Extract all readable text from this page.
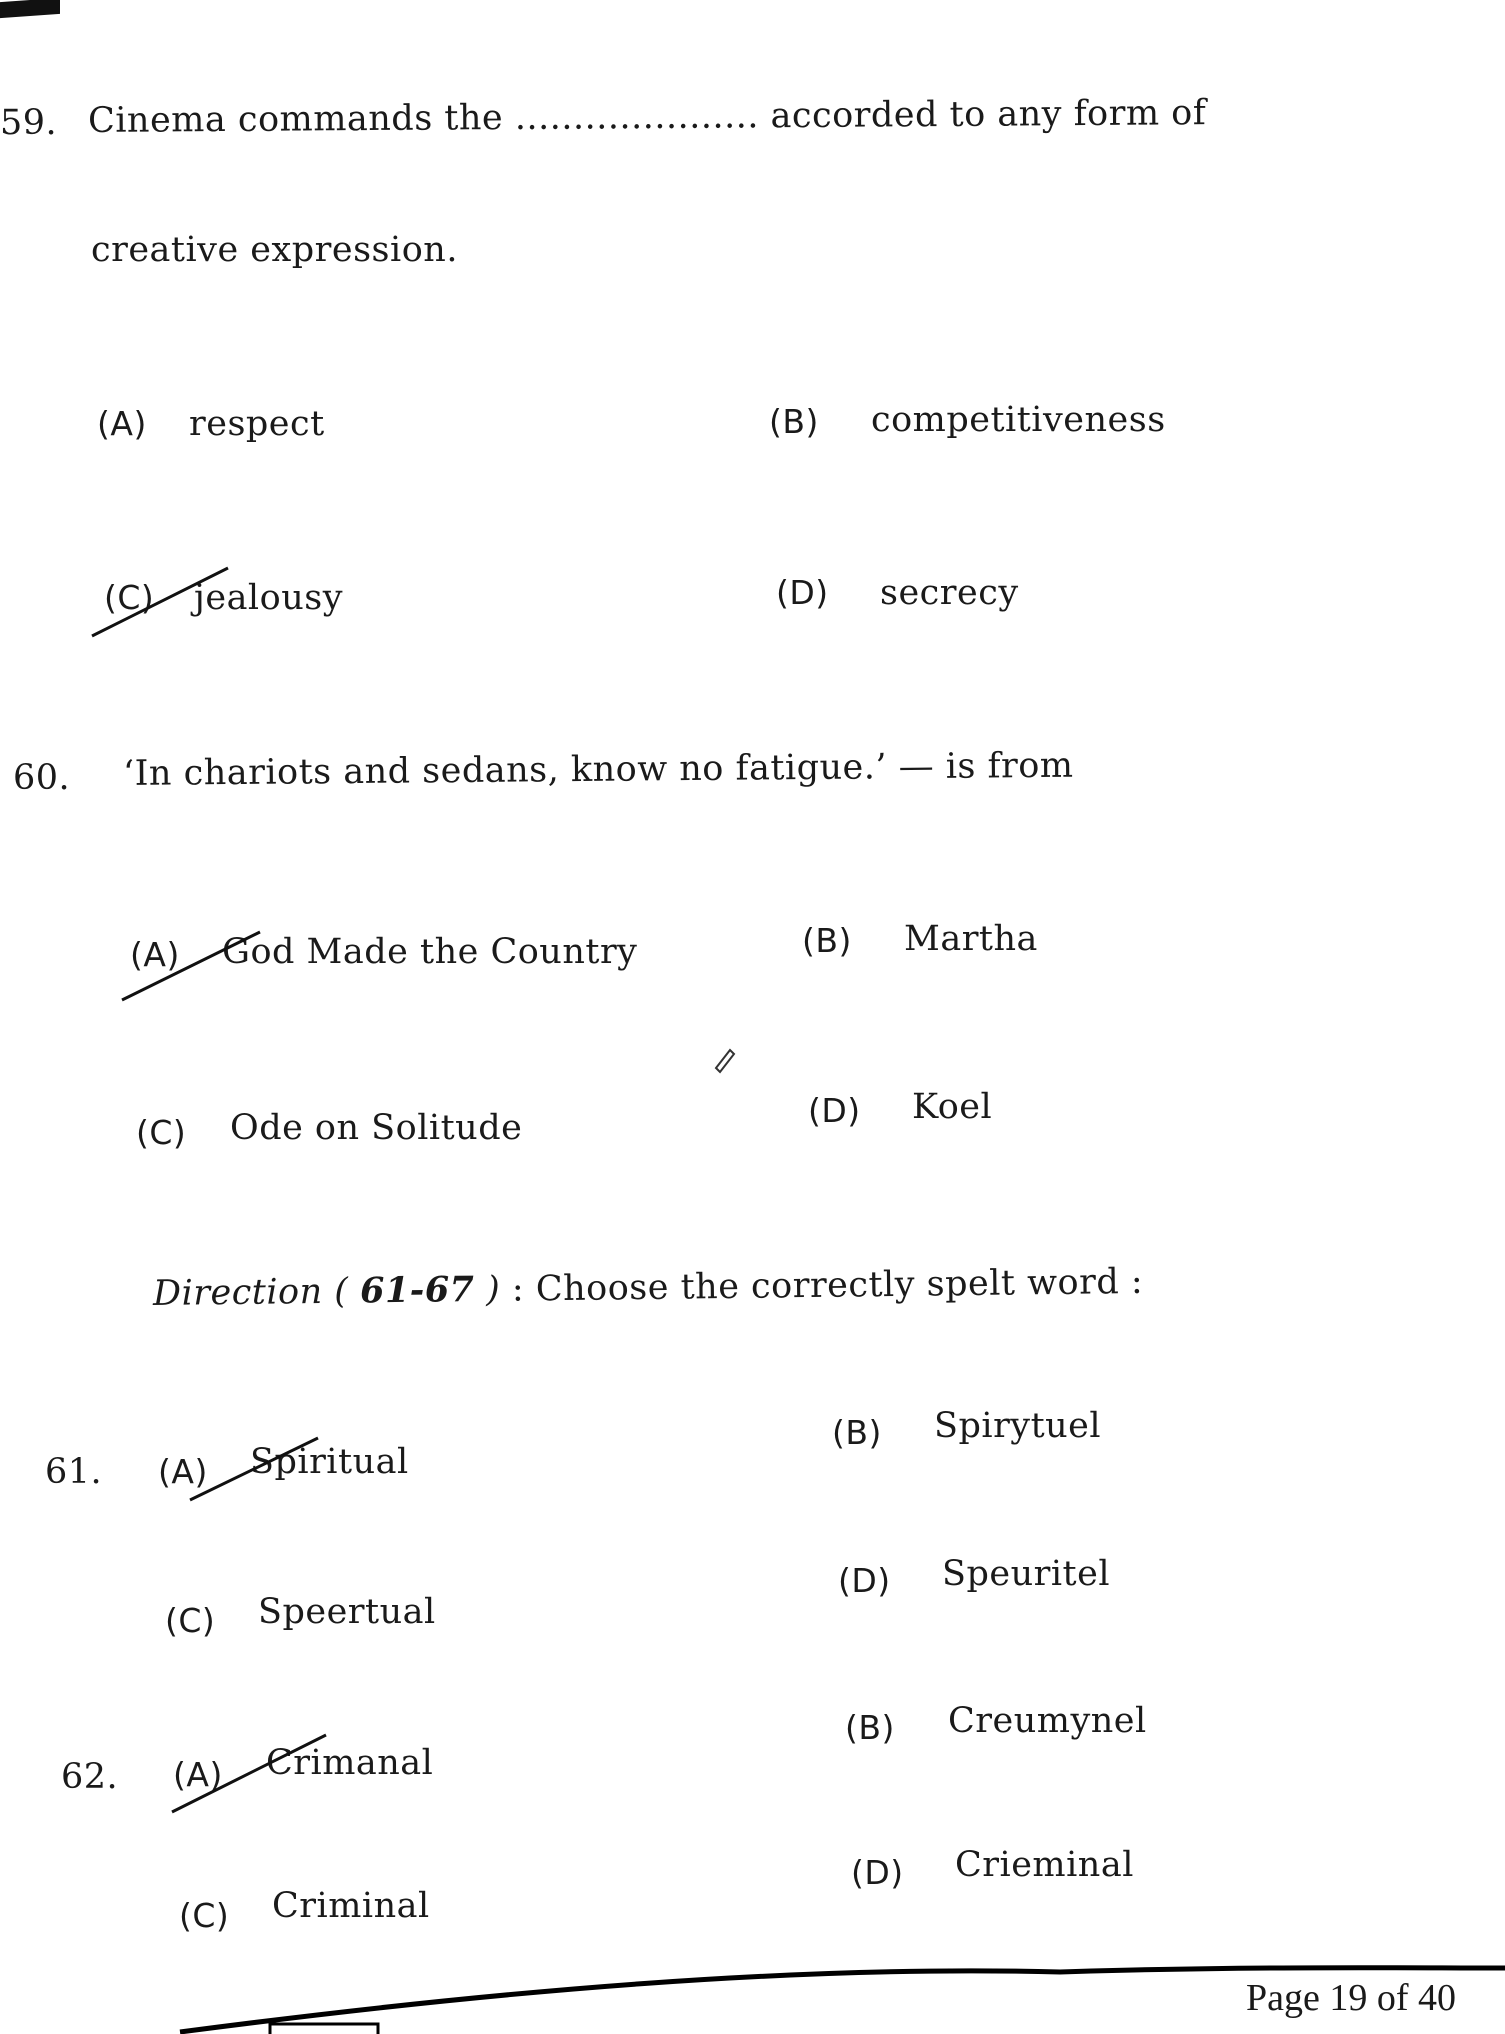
59. Cinema commands the ..................... accorded to any form of
creative expression.
(A) respect	(B) competitiveness
(C) jealousy	(D) secrecy
60. ‘In chariots and sedans, know no fatigue.’ — is from
(A) God Made the Country	(B) Martha
(C) Ode on Solitude	(D) Koel
Direction ( 61-67 ) : Choose the correctly spelt word :
61. (A) Spiritual
(B) Spirytuel
(C) Speertual
(D) Speuritel
62. (A) Crimanal
(B) Creumynel
(C) Criminal
(D) Crieminal
Page 19 of 40
